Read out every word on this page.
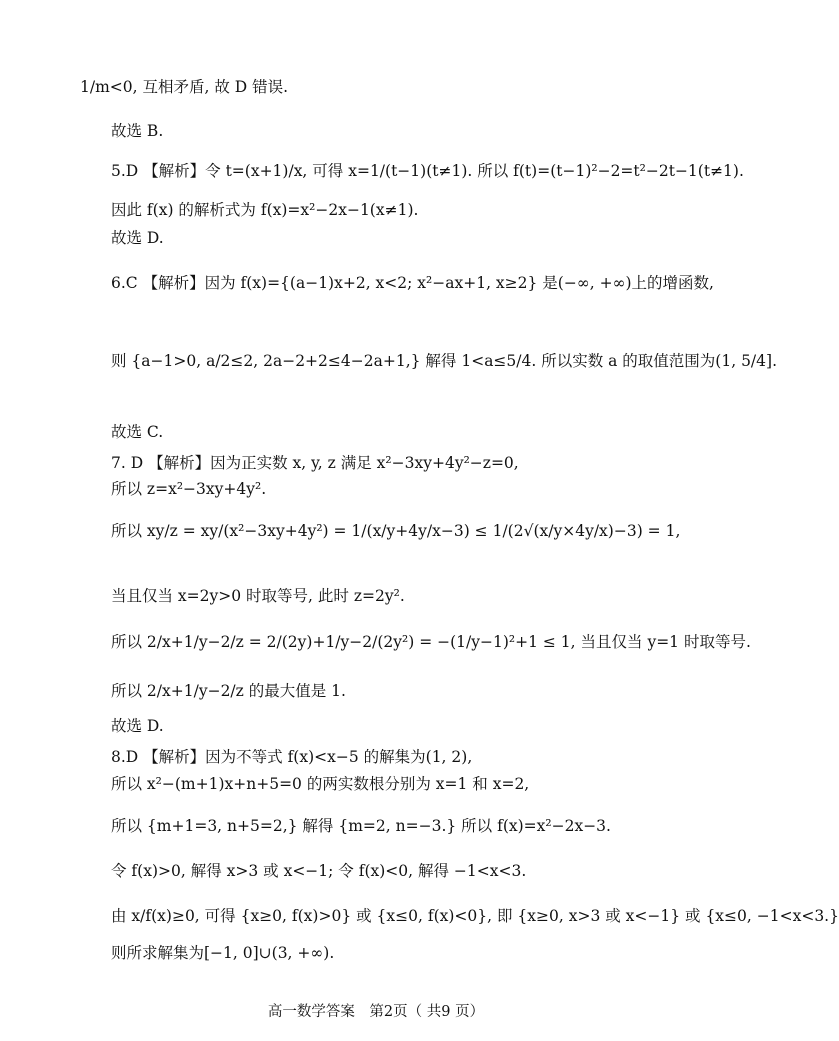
1/m<0, 互相矛盾, 故 D 错误.
故选 B.
5.D 【解析】令 t=(x+1)/x, 可得 x=1/(t−1)(t≠1). 所以 f(t)=(t−1)²−2=t²−2t−1(t≠1).
因此 f(x) 的解析式为 f(x)=x²−2x−1(x≠1).
故选 D.
6.C 【解析】因为 f(x)={(a−1)x+2, x<2; x²−ax+1, x≥2} 是(−∞, +∞)上的增函数,
则 {a−1>0, a/2≤2, 2a−2+2≤4−2a+1,} 解得 1<a≤5/4. 所以实数 a 的取值范围为(1, 5/4].
故选 C.
7. D 【解析】因为正实数 x, y, z 满足 x²−3xy+4y²−z=0,
所以 z=x²−3xy+4y².
所以 xy/z = xy/(x²−3xy+4y²) = 1/(x/y+4y/x−3) ≤ 1/(2√(x/y×4y/x)−3) = 1,
当且仅当 x=2y>0 时取等号, 此时 z=2y².
所以 2/x+1/y−2/z = 2/(2y)+1/y−2/(2y²) = −(1/y−1)²+1 ≤ 1, 当且仅当 y=1 时取等号.
所以 2/x+1/y−2/z 的最大值是 1.
故选 D.
8.D 【解析】因为不等式 f(x)<x−5 的解集为(1, 2),
所以 x²−(m+1)x+n+5=0 的两实数根分别为 x=1 和 x=2,
所以 {m+1=3, n+5=2,} 解得 {m=2, n=−3.} 所以 f(x)=x²−2x−3.
令 f(x)>0, 解得 x>3 或 x<−1; 令 f(x)<0, 解得 −1<x<3.
由 x/f(x)≥0, 可得 {x≥0, f(x)>0} 或 {x≤0, f(x)<0}, 即 {x≥0, x>3 或 x<−1} 或 {x≤0, −1<x<3.}
则所求解集为[−1, 0]∪(3, +∞).
高一数学答案　第2页（ 共9 页）
